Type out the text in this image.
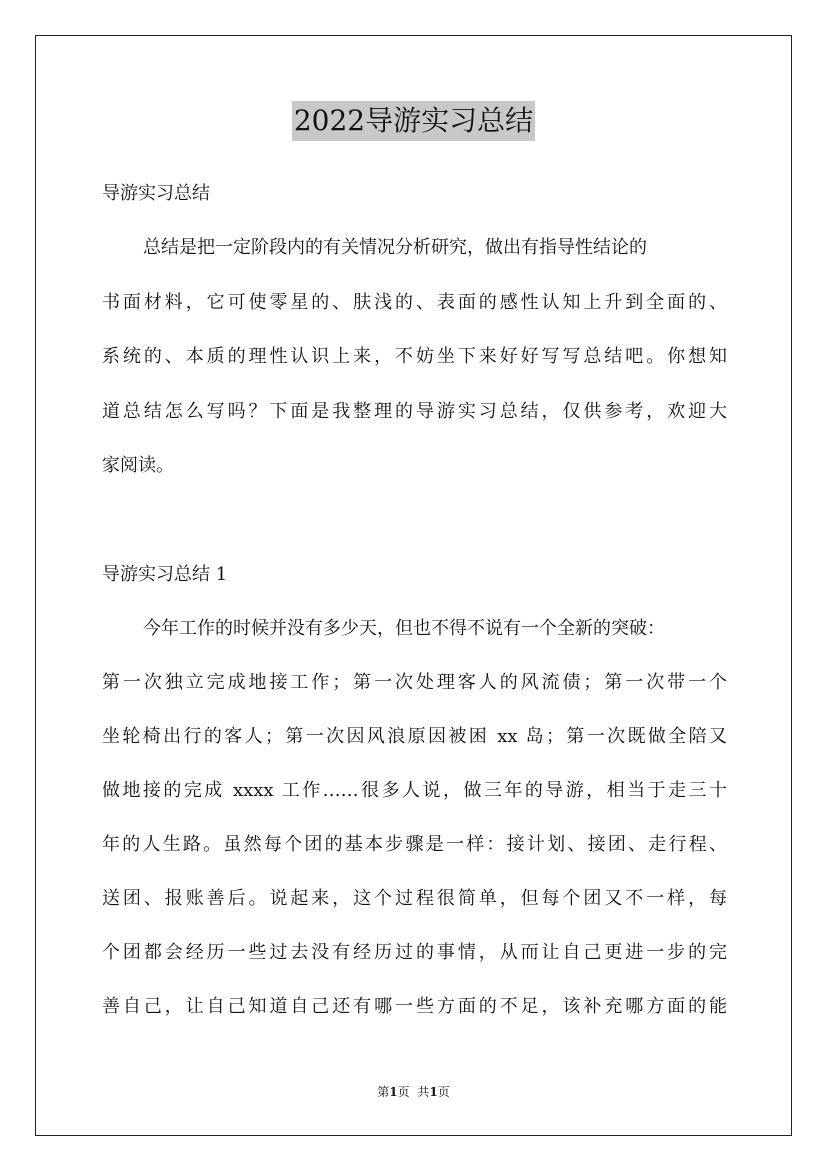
2022导游实习总结
导游实习总结
总结是把一定阶段内的有关情况分析研究，做出有指导性结论的
书面材料，它可使零星的、肤浅的、表面的感性认知上升到全面的、
系统的、本质的理性认识上来，不妨坐下来好好写写总结吧。你想知
道总结怎么写吗？下面是我整理的导游实习总结，仅供参考，欢迎大
家阅读。
导游实习总结 1
今年工作的时候并没有多少天，但也不得不说有一个全新的突破：
第一次独立完成地接工作；第一次处理客人的风流债；第一次带一个
坐轮椅出行的客人；第一次因风浪原因被困 xx 岛；第一次既做全陪又
做地接的完成 xxxx 工作……很多人说，做三年的导游，相当于走三十
年的人生路。虽然每个团的基本步骤是一样：接计划、接团、走行程、
送团、报账善后。说起来，这个过程很简单，但每个团又不一样，每
个团都会经历一些过去没有经历过的事情，从而让自己更进一步的完
善自己，让自己知道自己还有哪一些方面的不足，该补充哪方面的能
第1页 共1页
